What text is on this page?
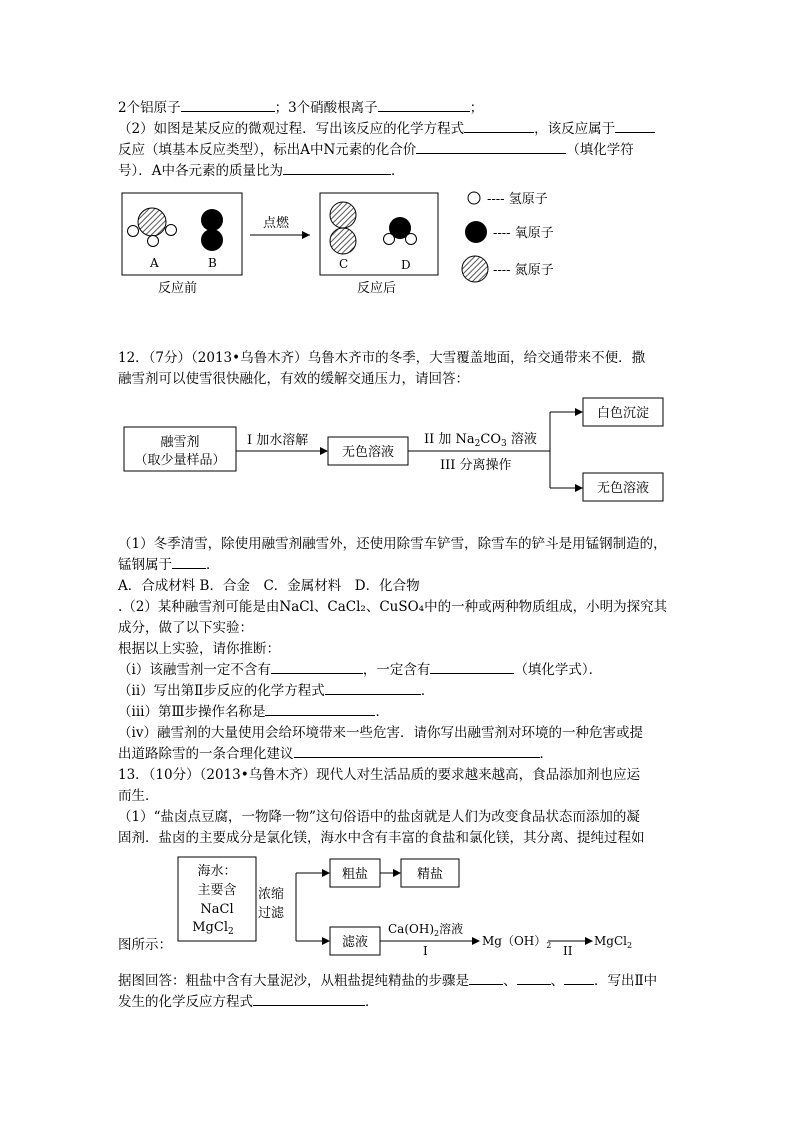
2个铝原子	；3个硝酸根离子	；
（2）如图是某反应的微观过程．写出该反应的化学方程式	，该反应属于
反应（填基本反应类型），标出A中N元素的化合价	（填化学符
号）．A中各元素的质量比为	．
A	B
点燃
C	D
反应前	反应后
---- 氢原子
---- 氧原子
---- 氮原子
12．（7分）（2013•乌鲁木齐）乌鲁木齐市的冬季，大雪覆盖地面，给交通带来不便．撒
融雪剂可以使雪很快融化，有效的缓解交通压力，请回答：
融雪剂
（取少量样品）
I 加水溶解
无色溶液
II 加 $Na_2CO_3$ 溶液
III 分离操作
白色沉淀
无色溶液
（1）冬季清雪，除使用融雪剂融雪外，还使用除雪车铲雪，除雪车的铲斗是用锰钢制造的，
锰钢属于	．
A．合成材料 B．合金　C．金属材料　D．化合物
.（2）某种融雪剂可能是由NaCl、CaCl₂、CuSO₄中的一种或两种物质组成，小明为探究其
成分，做了以下实验：
根据以上实验，请你推断：
（i）该融雪剂一定不含有	，一定含有	（填化学式）．
（ii）写出第Ⅱ步反应的化学方程式	．
（iii）第Ⅲ步操作名称是	．
（iv）融雪剂的大量使用会给环境带来一些危害．请你写出融雪剂对环境的一种危害或提
出道路除雪的一条合理化建议	．
13．（10分）（2013•乌鲁木齐）现代人对生活品质的要求越来越高，食品添加剂也应运
而生．
（1）“盐卤点豆腐，一物降一物”这句俗语中的盐卤就是人们为改变食品状态而添加的凝
固剂．盐卤的主要成分是氯化镁，海水中含有丰富的食盐和氯化镁，其分离、提纯过程如
海水：
主要含
NaCl
MgCl$_2$
浓缩
过滤
粗盐	精盐
滤液
$Ca(OH)_2$溶液
I
$Mg(OH)_2$ II
MgCl$_2$
图所示：
据图回答：粗盐中含有大量泥沙，从粗盐提纯精盐的步骤是	、	、 ．写出Ⅱ中
发生的化学反应方程式	．
